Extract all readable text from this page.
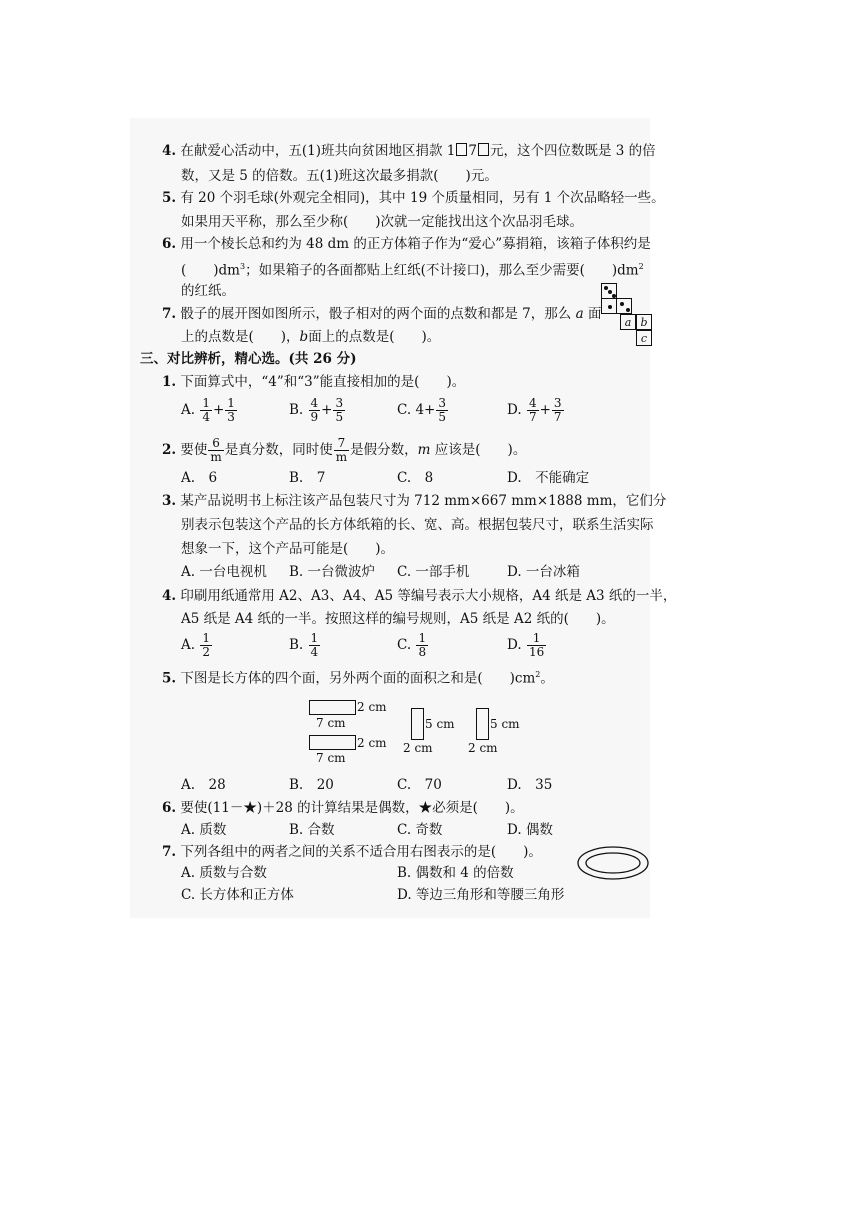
4. 在献爱心活动中，五(1)班共向贫困地区捐款 1 7 元，这个四位数既是 3 的倍
数，又是 5 的倍数。五(1)班这次最多捐款(　　)元。
5. 有 20 个羽毛球(外观完全相同)，其中 19 个质量相同，另有 1 个次品略轻一些。
如果用天平称，那么至少称(　　)次就一定能找出这个次品羽毛球。
6. 用一个棱长总和约为 48 dm 的正方体箱子作为“爱心”募捐箱，该箱子体积约是
(　　)$dm^3$；如果箱子的各面都贴上红纸(不计接口)，那么至少需要(　　)$dm^2$
的红纸。
7. 骰子的展开图如图所示，骰子相对的两个面的点数和都是 7，那么 a 面
上的点数是(　　)，b面上的点数是(　　)。
a b
c
三、对比辨析，精心选。(共 26 分)
1. 下面算式中，“4”和“3”能直接相加的是(　　)。
A. $\frac{1}{4} + \frac{1}{3}$	B. $\frac{4}{9} + \frac{3}{5}$	C. $4+ \frac{3}{5}$	D. $\frac{4}{7} + \frac{3}{7}$
2. 要使 $\frac{6}{m}$ 是真分数，同时使 $\frac{7}{m}$ 是假分数，m 应该是(　　)。
A.　6	B.　7	C.　8	D.　不能确定
3. 某产品说明书上标注该产品包装尺寸为 712 mm×667 mm×1888 mm，它们分
别表示包装这个产品的长方体纸箱的长、宽、高。根据包装尺寸，联系生活实际
想象一下，这个产品可能是(　　)。
A. 一台电视机 B. 一台微波炉 C. 一部手机	D. 一台冰箱
4. 印刷用纸通常用 A2、A3、A4、A5 等编号表示大小规格，A4 纸是 A3 纸的一半，
A5 纸是 A4 纸的一半。按照这样的编号规则，A5 纸是 A2 纸的(　　)。
A. $\frac{1}{2}$	B. $\frac{1}{4}$	C. $\frac{1}{8}$	D. $\frac{1}{16}$
5. 下图是长方体的四个面，另外两个面的面积之和是(　　)$cm^2$。
2 cm
7 cm
2 cm
7 cm
5 cm
2 cm
5 cm
2 cm
A.　28	B.　20	C.　70	D.　35
6. 要使(11－★)＋28 的计算结果是偶数，★必须是(　　)。
A. 质数	B. 合数	C. 奇数	D. 偶数
7. 下列各组中的两者之间的关系不适合用右图表示的是(　　)。
A. 质数与合数	B. 偶数和 4 的倍数
C. 长方体和正方体	D. 等边三角形和等腰三角形
